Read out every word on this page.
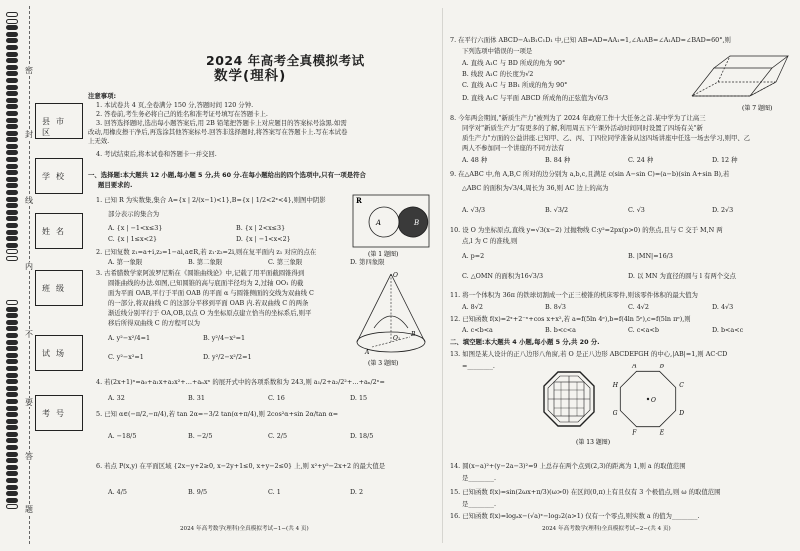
密
封
线
内
不
要
答
题
县市区
学校
姓名
班级
试场
考号
2024 年高考全真模拟考试
数学(理科)
注意事项:
1. 本试卷共 4 页,全卷满分 150 分,答题时间 120 分钟.
2. 答卷前,考生务必将自己的姓名和准考证号填写在答题卡上.
3. 回答选择题时,选出每小题答案后,用 2B 铅笔把答题卡上对应题目的答案标号涂黑.如需
改动,用橡皮擦干净后,再选涂其他答案标号.回答非选择题时,将答案写在答题卡上.写在本试卷
上无效.
4. 考试结束后,将本试卷和答题卡一并交回.
一、选择题:本大题共 12 小题,每小题 5 分,共 60 分.在每小题给出的四个选项中,只有一项是符合
题目要求的.
1. 已知 R 为实数集,集合 A={x | 2/(x−1)<1},B={x | 1/2<2ˣ<4},则图中阴影
部分表示的集合为
A. {x | −1<x≤3}	B. {x | 2<x≤3}
C. {x | 1≤x<2}	D. {x | −1<x<2}
R
A	B
(第 1 题图)
2. 已知复数 z₁=a+i,z₂=1−ai,a∈R,若 z₁·z₂=2i,则在复平面内 z₁ 对应的点在
A. 第一象限	B. 第二象限	C. 第三象限	D. 第四象限
3. 古希腊数学家阿波罗尼斯在《圆锥曲线论》中,记载了用平面截圆锥得到
圆锥曲线的办法.如图,已知圆锥的高与底面半径均为 2,过轴 OO₁ 的截
面为平面 OAB,平行于平面 OAB 的平面 α 与圆锥侧面的交线为双曲线 C
的一部分,将双曲线 C 的这部分平移到平面 OAB 内.若双曲线 C 的两条
渐近线分别平行于 OA,OB,以点 O 为坐标原点建立恰当的坐标系后,则平
移后所得双曲线 C 的方程可以为
A. y²−x²/4=1	B. y²/4−x²=1
C. y²−x²=1	D. y²/2−x²/2=1
O
O₁
A
B
(第 3 题图)
4. 若(2x+1)ⁿ=a₀+a₁x+a₂x²+…+aₙxⁿ 的展开式中的各项系数和为 243,则 a₁/2+a₂/2²+…+aₙ/2ⁿ=
A. 32	B. 31	C. 16	D. 15
5. 已知 α∈(−π/2,−π/4),若 tan 2α=−3/2 tan(α+π/4),则 2cos²α+sin 2α/tan α=
A. −18/5	B. −2/5	C. 2/5	D. 18/5
6. 若点 P(x,y) 在平面区域 {2x−y+2≥0, x−2y+1≤0, x+y−2≤0} 上,则 x²+y²−2x+2 的最大值是
A. 4/5	B. 9/5	C. 1	D. 2
2024 年高考数学(理科)全真模拟考试−1−(共 4 页)
7. 在平行六面体 ABCD−A₁B₁C₁D₁ 中,已知 AB=AD=AA₁=1,∠A₁AB=∠A₁AD=∠BAD=60°,则
下列选项中错误的一项是
A. 直线 A₁C 与 BD 所成的角为 90°
B. 线段 A₁C 的长度为√2
C. 直线 A₁C 与 BB₁ 所成的角为 90°
D. 直线 A₁C 与平面 ABCD 所成角的正弦值为√6/3
(第 7 题图)
8. 今年两会期间,"新质生产力"被列为了 2024 年政府工作十大任务之首.某中学为了让高三
同学对"新质生产力"有更多的了解,利用周五下午课外活动时间同时设置了四场有关"新
质生产力"方面的公益讲座.已知甲、乙、丙、丁四位同学准备从这四场讲座中任选一场去学习,则甲、乙
两人不参加同一个讲座的不同方法有
A. 48 种	B. 84 种	C. 24 种	D. 12 种
9. 在△ABC 中,角 A,B,C 所对的边分别为 a,b,c,且满足 c(sin A−sin C)=(a−b)(sin A+sin B),若
△ABC 的面积为√3/4,周长为 36,则 AC 边上的高为
A. √3/3	B. √3/2	C. √3	D. 2√3
10. 设 O 为坐标原点,直线 y=√3(x−2) 过抛物线 C:y²=2px(p>0) 的焦点,且与 C 交于 M,N 两
点,l 为 C 的准线,则
A. p=2	B. |MN|=16/3
C. △OMN 的面积为16√3/3	D. 以 MN 为直径的圆与 l 有两个交点
11. 将一个体积为 36π 的铁球切割成一个正三棱锥的机床零件,则该零件体积的最大值为
A. 8√2	B. 8√3	C. 4√2	D. 4√3
12. 已知函数 f(x)=2ˣ+2⁻ˣ+cos x+x²,若 a=f(5ln 4ᵉ),b=f(4ln 5ᵉ),c=f(5ln πᵉ),则
A. c<b<a	B. b<c<a	C. c<a<b	D. b<a<c
二、填空题:本大题共 4 小题,每小题 5 分,共 20 分.
13. 如图是某人设计的正八边形八角窗,若 O 是正八边形 ABCDEFGH 的中心,|AB|=1,则 AC·CD
=________.
O
A	B
C
D
E
F
G
H
(第 13 题图)
14. 圆(x−a)²+(y−2a−3)²=9 上总存在两个点到(2,3)的距离为 1,则 a 的取值范围
是________.
15. 已知函数 f(x)=sin(2ωx+π/3)(ω>0) 在区间(0,π)上有且仅有 3 个极值点,则 ω 的取值范围
是________.
16. 已知函数 f(x)=logₐx−(√a)ˣ−log₂2(a>1) 仅有一个零点,则实数 a 的值为________.
2024 年高考数学(理科)全真模拟考试−2−(共 4 页)
